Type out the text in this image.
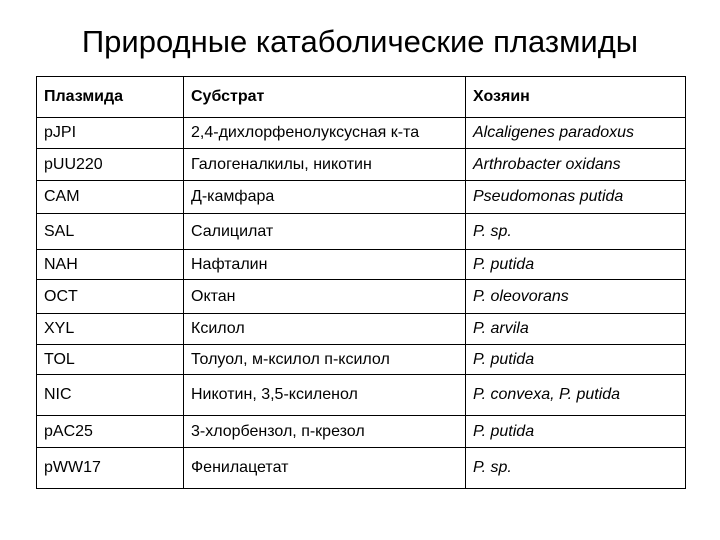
Природные катаболические плазмиды
Плазмида	Субстрат	Хозяин
pJPI	2,4-дихлорфенолуксусная к-та	Alcaligenes paradoxus
pUU220	Галогеналкилы, никотин	Arthrobacter oxidans
CAM	Д-камфара	Pseudomonas putida
SAL	Салицилат	P. sp.
NAH	Нафталин	P. putida
OCT	Октан	P. oleovorans
XYL	Ксилол	P. arvila
TOL	Толуол, м-ксилол п-ксилол	P. putida
NIC	Никотин, 3,5-ксиленол	P. convexa, P. putida
pAC25	3-хлорбензол, п-крезол	P. putida
pWW17	Фенилацетат	P. sp.
